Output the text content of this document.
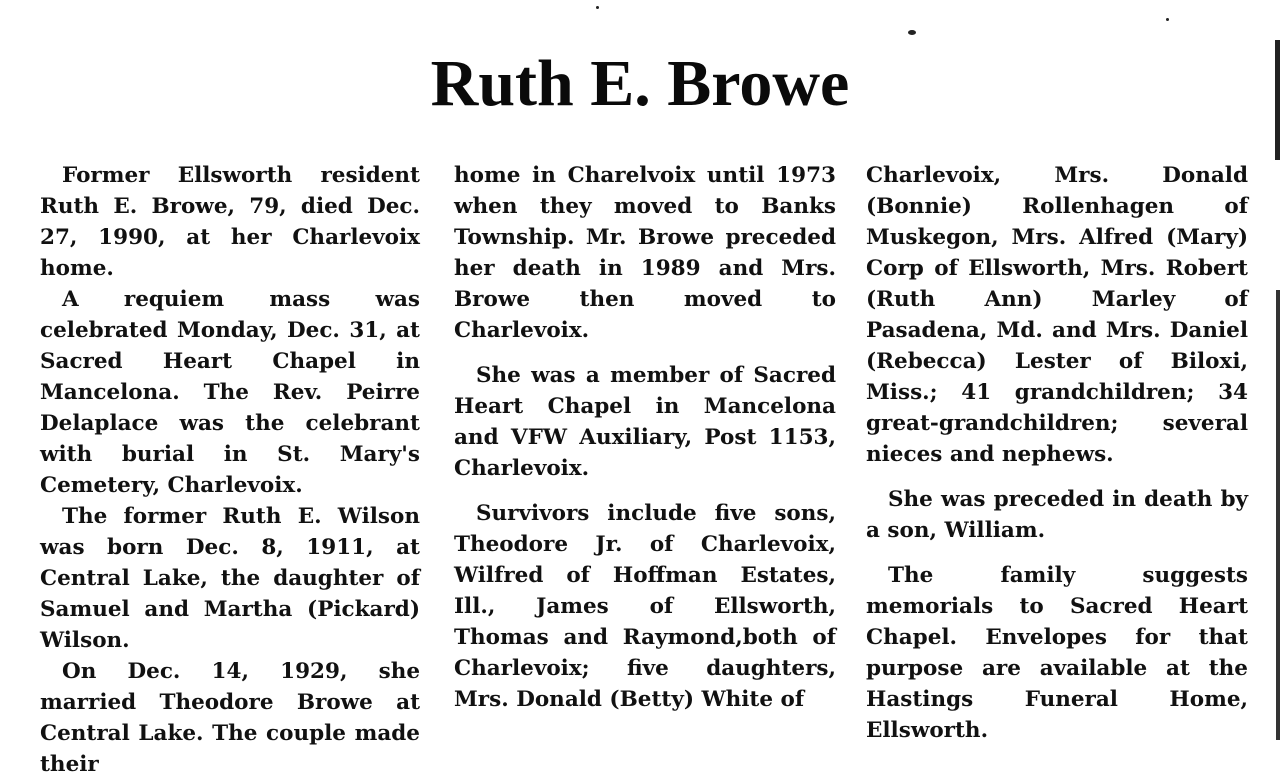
Ruth E. Browe

Former Ellsworth resident Ruth E. Browe, 79, died Dec. 27, 1990, at her Charlevoix home.

A requiem mass was celebrated Monday, Dec. 31, at Sacred Heart Chapel in Mancelona. The Rev. Peirre Delaplace was the celebrant with burial in St. Mary's Cemetery, Charlevoix.

The former Ruth E. Wilson was born Dec. 8, 1911, at Central Lake, the daughter of Samuel and Martha (Pickard) Wilson.

On Dec. 14, 1929, she married Theodore Browe at Central Lake. The couple made their

home in Charelvoix until 1973 when they moved to Banks Township. Mr. Browe preceded her death in 1989 and Mrs. Browe then moved to Charlevoix.

She was a member of Sacred Heart Chapel in Mancelona and VFW Auxiliary, Post 1153, Charlevoix.

Survivors include five sons, Theodore Jr. of Charlevoix, Wilfred of Hoffman Estates, Ill., James of Ellsworth, Thomas and Raymond,both of Charlevoix; five daughters, Mrs. Donald (Betty) White of

Charlevoix, Mrs. Donald (Bonnie) Rollenhagen of Muskegon, Mrs. Alfred (Mary) Corp of Ellsworth, Mrs. Robert (Ruth Ann) Marley of Pasadena, Md. and Mrs. Daniel (Rebecca) Lester of Biloxi, Miss.; 41 grandchildren; 34 great-grandchildren; several nieces and nephews.

She was preceded in death by a son, William.

The family suggests memorials to Sacred Heart Chapel. Envelopes for that purpose are available at the Hastings Funeral Home, Ellsworth.
